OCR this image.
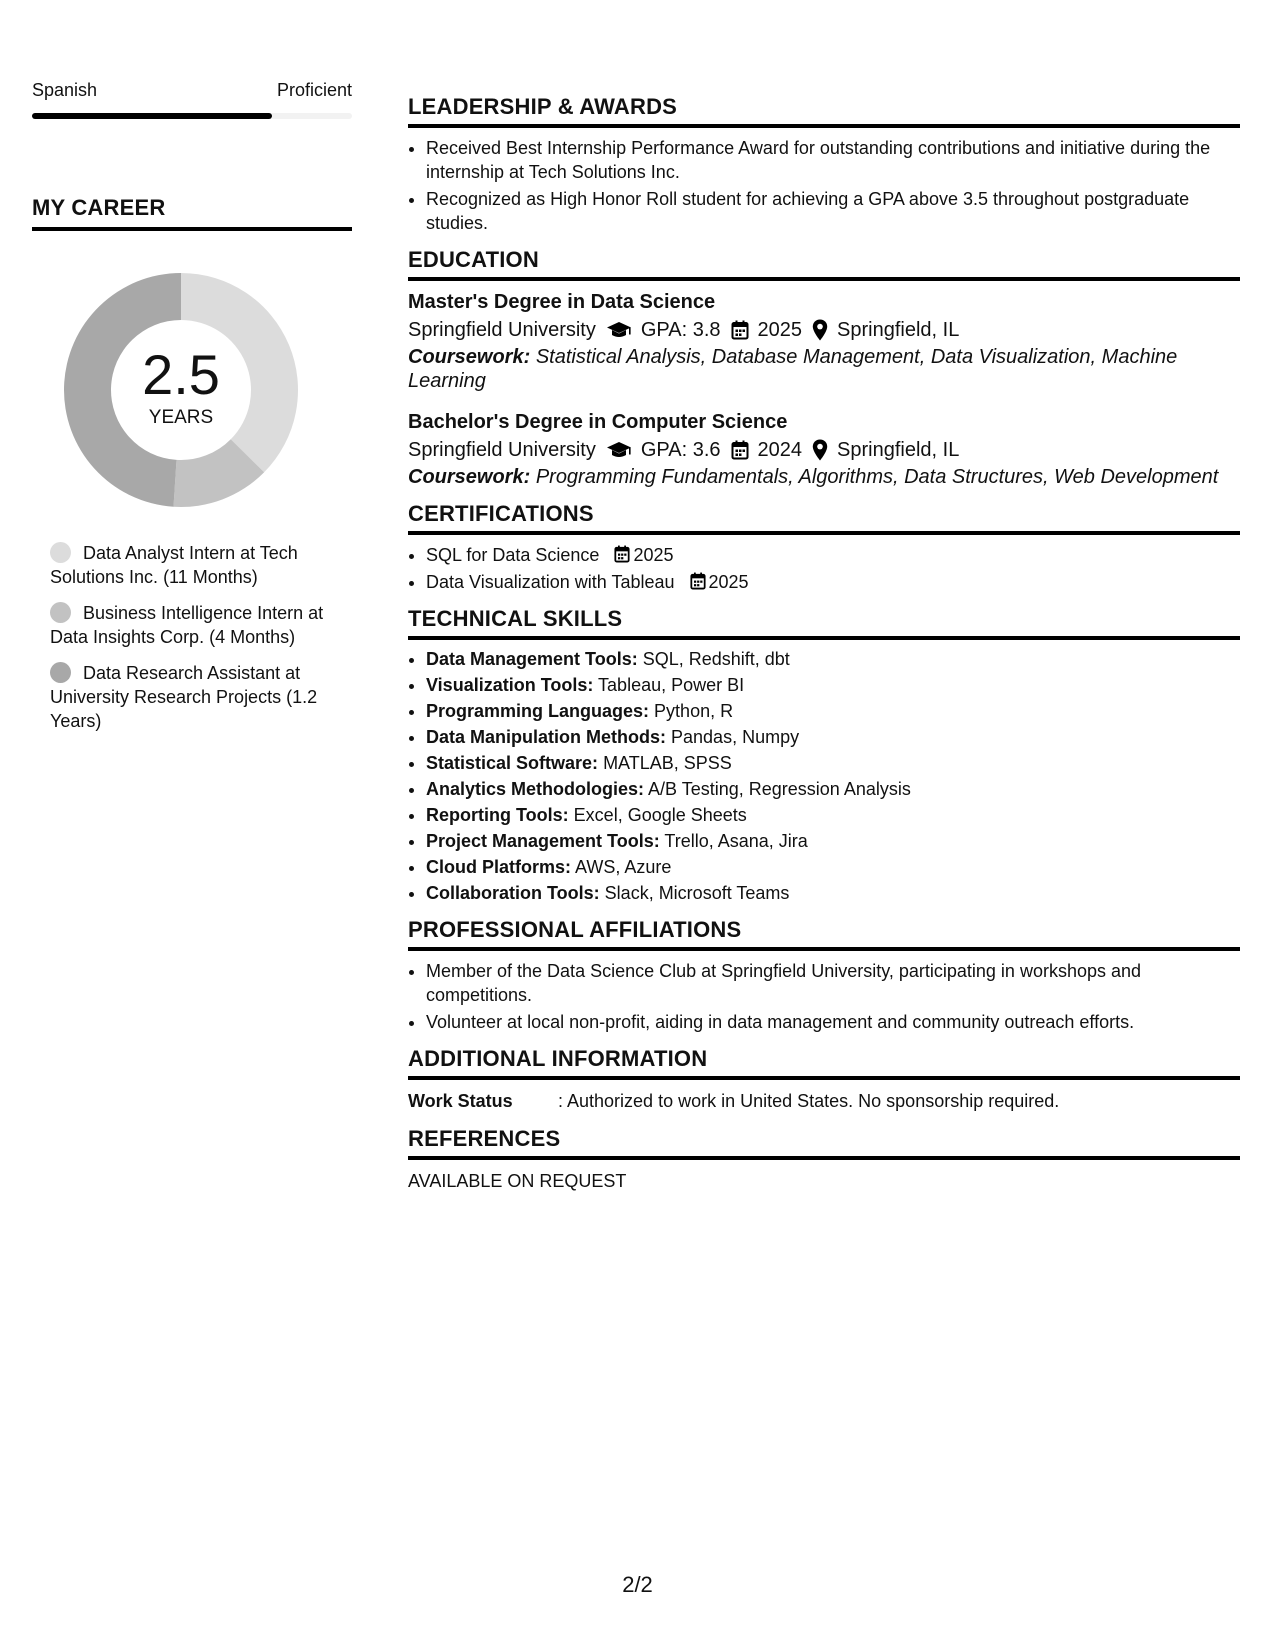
Spanish	Proficient
MY CAREER
2.5
YEARS
Data Analyst Intern at Tech Solutions Inc. (11 Months)
Business Intelligence Intern at Data Insights Corp. (4 Months)
Data Research Assistant at University Research Projects (1.2 Years)
LEADERSHIP & AWARDS
• Received Best Internship Performance Award for outstanding contributions and initiative during the internship at Tech Solutions Inc.
• Recognized as High Honor Roll student for achieving a GPA above 3.5 throughout postgraduate studies.
EDUCATION
Master's Degree in Data Science
Springfield University GPA: 3.8 2025 Springfield, IL
Coursework: Statistical Analysis, Database Management, Data Visualization, Machine Learning
Bachelor's Degree in Computer Science
Springfield University GPA: 3.6 2024 Springfield, IL
Coursework: Programming Fundamentals, Algorithms, Data Structures, Web Development
CERTIFICATIONS
• SQL for Data Science 2025
• Data Visualization with Tableau 2025
TECHNICAL SKILLS
• Data Management Tools: SQL, Redshift, dbt
• Visualization Tools: Tableau, Power BI
• Programming Languages: Python, R
• Data Manipulation Methods: Pandas, Numpy
• Statistical Software: MATLAB, SPSS
• Analytics Methodologies: A/B Testing, Regression Analysis
• Reporting Tools: Excel, Google Sheets
• Project Management Tools: Trello, Asana, Jira
• Cloud Platforms: AWS, Azure
• Collaboration Tools: Slack, Microsoft Teams
PROFESSIONAL AFFILIATIONS
• Member of the Data Science Club at Springfield University, participating in workshops and competitions.
• Volunteer at local non-profit, aiding in data management and community outreach efforts.
ADDITIONAL INFORMATION
Work Status	: Authorized to work in United States. No sponsorship required.
REFERENCES
AVAILABLE ON REQUEST
2/2
